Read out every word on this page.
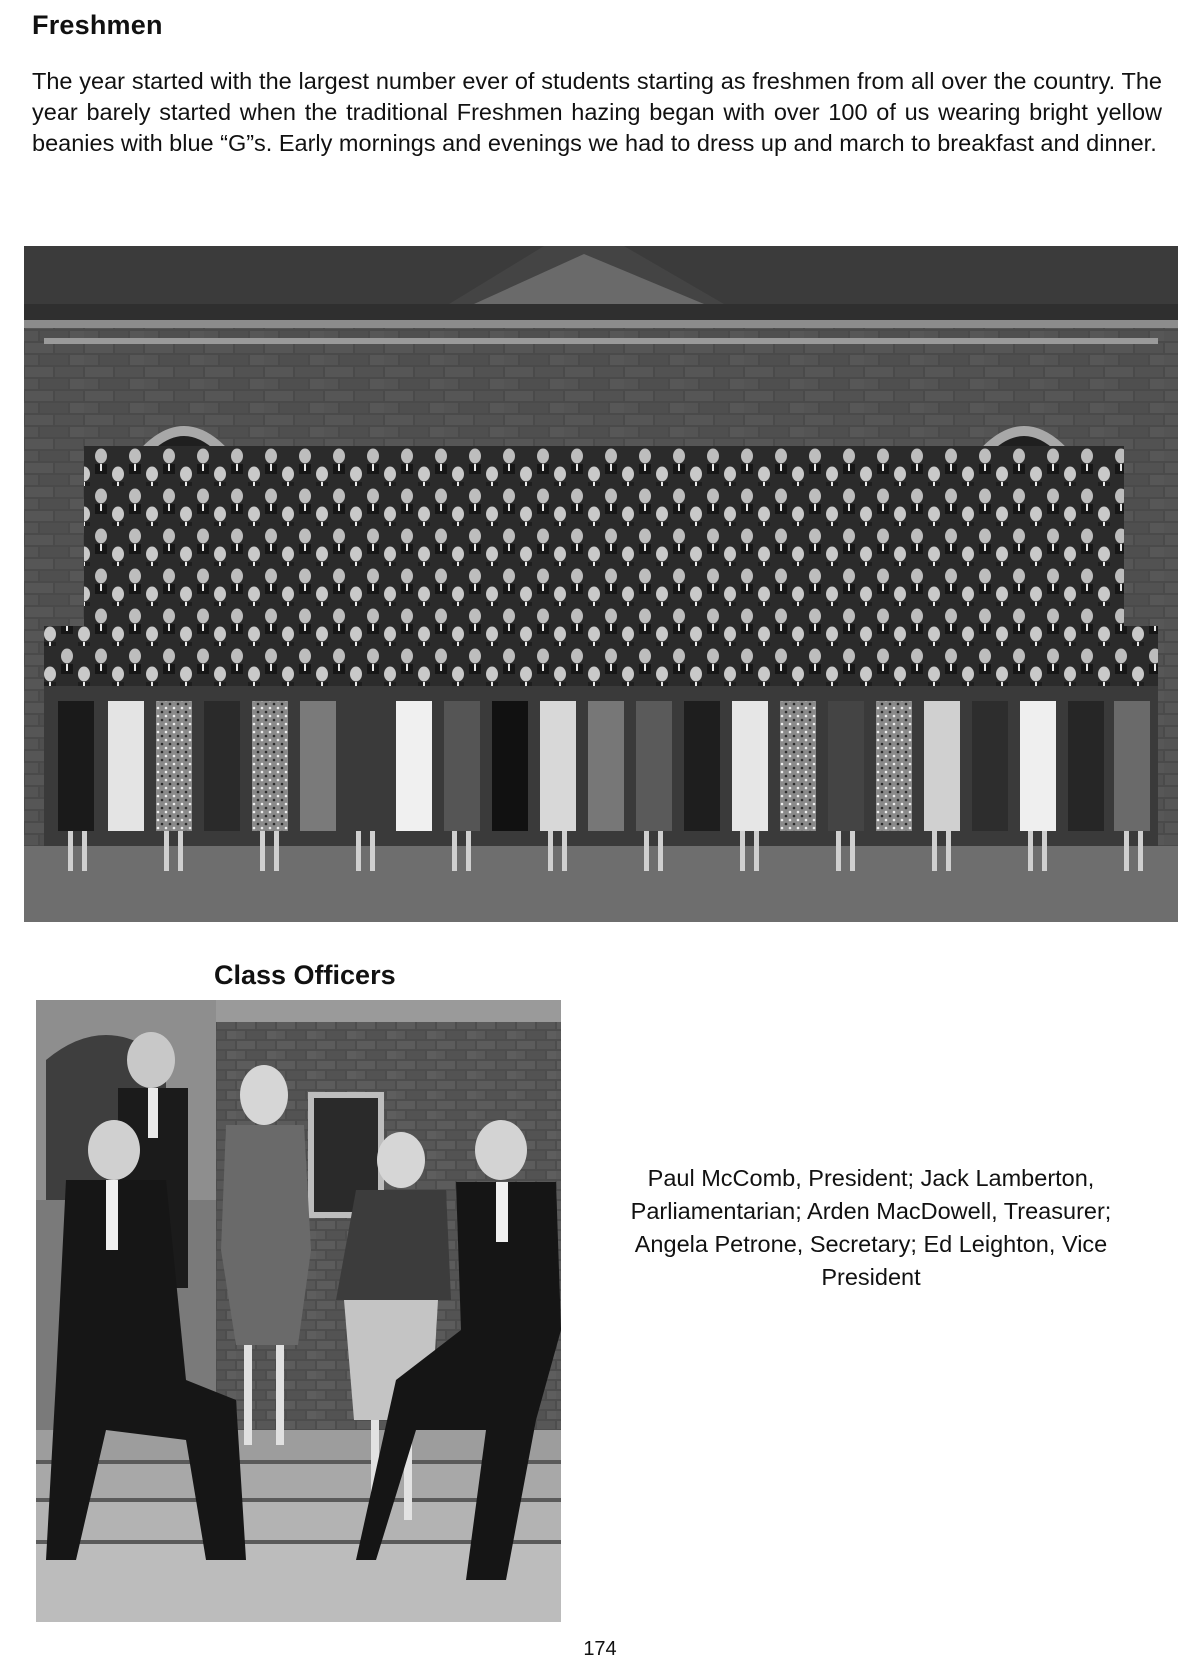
Freshmen

The year started with the largest number ever of students starting as freshmen from all over the country. The year barely started when the traditional Freshmen hazing began with over 100 of us wearing bright yellow beanies with blue “G”s. Early mornings and evenings we had to dress up and march to breakfast and dinner.

Class Officers

Paul McComb, President; Jack Lamberton, Parliamentarian; Arden MacDowell, Treasurer; Angela Petrone, Secretary; Ed Leighton, Vice President

174
